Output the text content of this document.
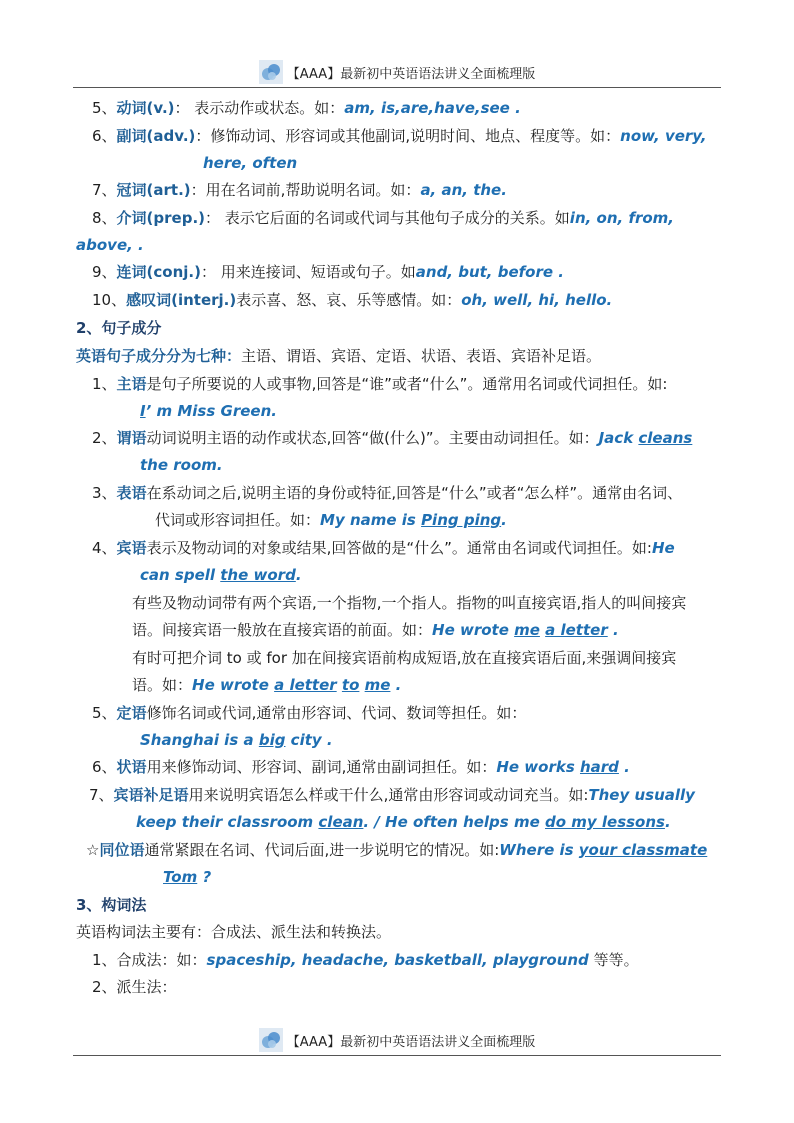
【AAA】最新初中英语语法讲义全面梳理版
5、动词(v.)： 表示动作或状态。如：am, is,are,have,see .
6、副词(adv.)：修饰动词、形容词或其他副词,说明时间、地点、程度等。如：now, very,
here, often
7、冠词(art.)：用在名词前,帮助说明名词。如：a, an, the.
8、介词(prep.)： 表示它后面的名词或代词与其他句子成分的关系。如in, on, from,
above, .
9、连词(conj.)： 用来连接词、短语或句子。如and, but, before .
10、感叹词(interj.)表示喜、怒、哀、乐等感情。如：oh, well, hi, hello.
2、句子成分
英语句子成分分为七种：主语、谓语、宾语、定语、状语、表语、宾语补足语。
1、主语是句子所要说的人或事物,回答是“谁”或者“什么”。通常用名词或代词担任。如:
I’ m Miss Green.
2、谓语动词说明主语的动作或状态,回答“做(什么)”。主要由动词担任。如：Jack cleans
the room.
3、表语在系动词之后,说明主语的身份或特征,回答是“什么”或者“怎么样”。通常由名词、
代词或形容词担任。如：My name is Ping ping.
4、宾语表示及物动词的对象或结果,回答做的是“什么”。通常由名词或代词担任。如:He
can spell the word.
有些及物动词带有两个宾语,一个指物,一个指人。指物的叫直接宾语,指人的叫间接宾
语。间接宾语一般放在直接宾语的前面。如：He wrote me a letter .
有时可把介词 to 或 for 加在间接宾语前构成短语,放在直接宾语后面,来强调间接宾
语。如：He wrote a letter to me .
5、定语修饰名词或代词,通常由形容词、代词、数词等担任。如：
Shanghai is a big city .
6、状语用来修饰动词、形容词、副词,通常由副词担任。如：He works hard .
7、宾语补足语用来说明宾语怎么样或干什么,通常由形容词或动词充当。如:They usually
keep their classroom clean. / He often helps me do my lessons.
☆同位语通常紧跟在名词、代词后面,进一步说明它的情况。如:Where is your classmate
Tom ?
3、构词法
英语构词法主要有：合成法、派生法和转换法。
1、合成法：如：spaceship, headache, basketball, playground 等等。
2、派生法：
【AAA】最新初中英语语法讲义全面梳理版
